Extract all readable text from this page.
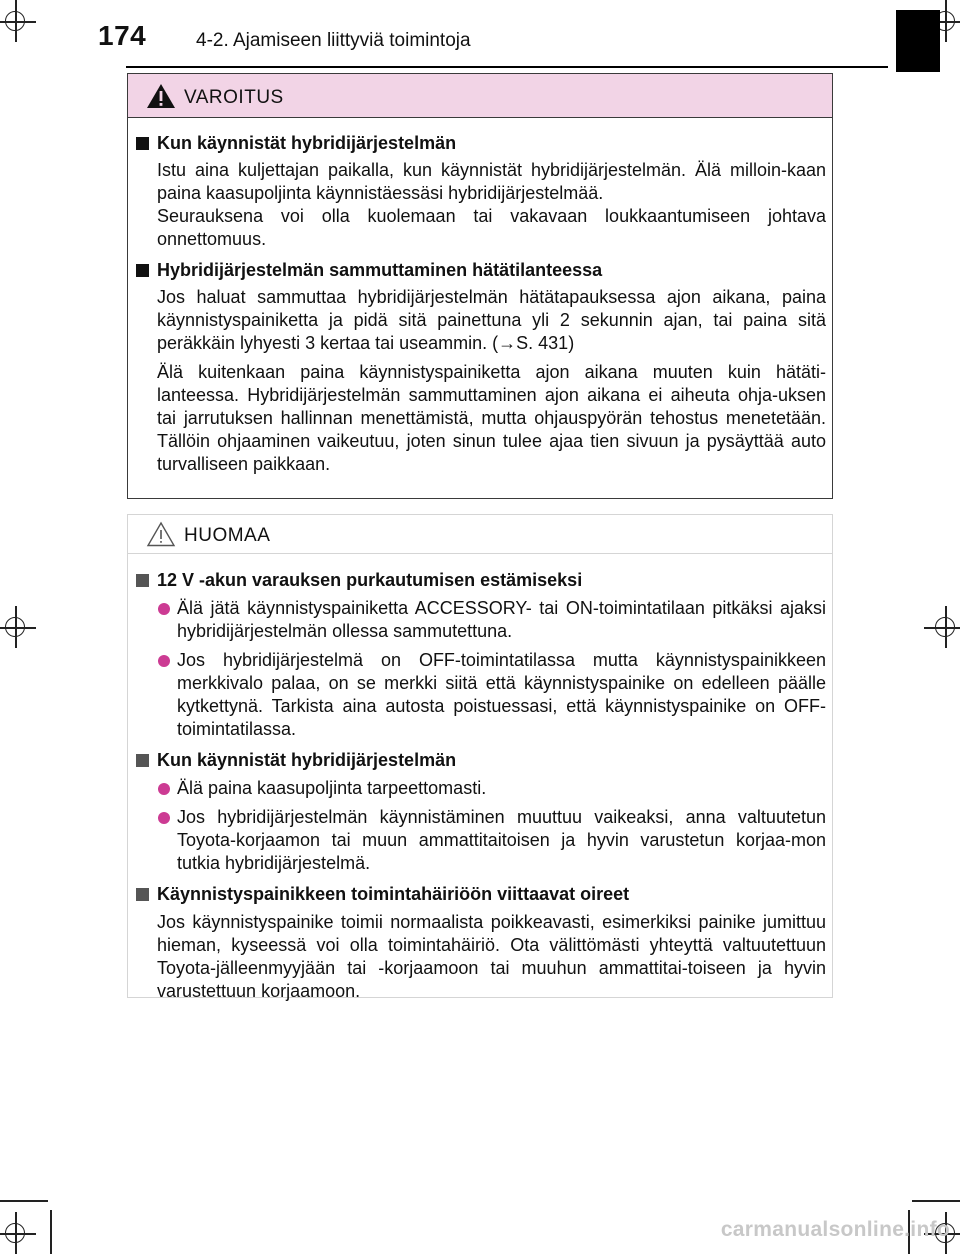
174	4-2. Ajamiseen liittyviä toimintoja
VAROITUS
Kun käynnistät hybridijärjestelmän

Istu aina kuljettajan paikalla, kun käynnistät hybridijärjestelmän. Älä milloin-kaan paina kaasupoljinta käynnistäessäsi hybridijärjestelmää.

Seurauksena voi olla kuolemaan tai vakavaan loukkaantumiseen johtava onnettomuus.

Hybridijärjestelmän sammuttaminen hätätilanteessa

Jos haluat sammuttaa hybridijärjestelmän hätätapauksessa ajon aikana, paina käynnistyspainiketta ja pidä sitä painettuna yli 2 sekunnin ajan, tai paina sitä peräkkäin lyhyesti 3 kertaa tai useammin. (→S. 431)

Älä kuitenkaan paina käynnistyspainiketta ajon aikana muuten kuin hätäti-lanteessa. Hybridijärjestelmän sammuttaminen ajon aikana ei aiheuta ohja-uksen tai jarrutuksen hallinnan menettämistä, mutta ohjauspyörän tehostus menetetään. Tällöin ohjaaminen vaikeutuu, joten sinun tulee ajaa tien sivuun ja pysäyttää auto turvalliseen paikkaan.

HUOMAA
12 V -akun varauksen purkautumisen estämiseksi

Älä jätä käynnistyspainiketta ACCESSORY- tai ON-toimintatilaan pitkäksi ajaksi hybridijärjestelmän ollessa sammutettuna.

Jos hybridijärjestelmä on OFF-toimintatilassa mutta käynnistyspainikkeen merkkivalo palaa, on se merkki siitä että käynnistyspainike on edelleen päälle kytkettynä. Tarkista aina autosta poistuessasi, että käynnistyspainike on OFF-toimintatilassa.

Kun käynnistät hybridijärjestelmän

Älä paina kaasupoljinta tarpeettomasti.

Jos hybridijärjestelmän käynnistäminen muuttuu vaikeaksi, anna valtuutetun Toyota-korjaamon tai muun ammattitaitoisen ja hyvin varustetun korjaa-mon tutkia hybridijärjestelmä.

Käynnistyspainikkeen toimintahäiriöön viittaavat oireet

Jos käynnistyspainike toimii normaalista poikkeavasti, esimerkiksi painike jumittuu hieman, kyseessä voi olla toimintahäiriö. Ota välittömästi yhteyttä valtuutettuun Toyota-jälleenmyyjään tai -korjaamoon tai muuhun ammattitai-toiseen ja hyvin varustettuun korjaamoon.

carmanualsonline.info
